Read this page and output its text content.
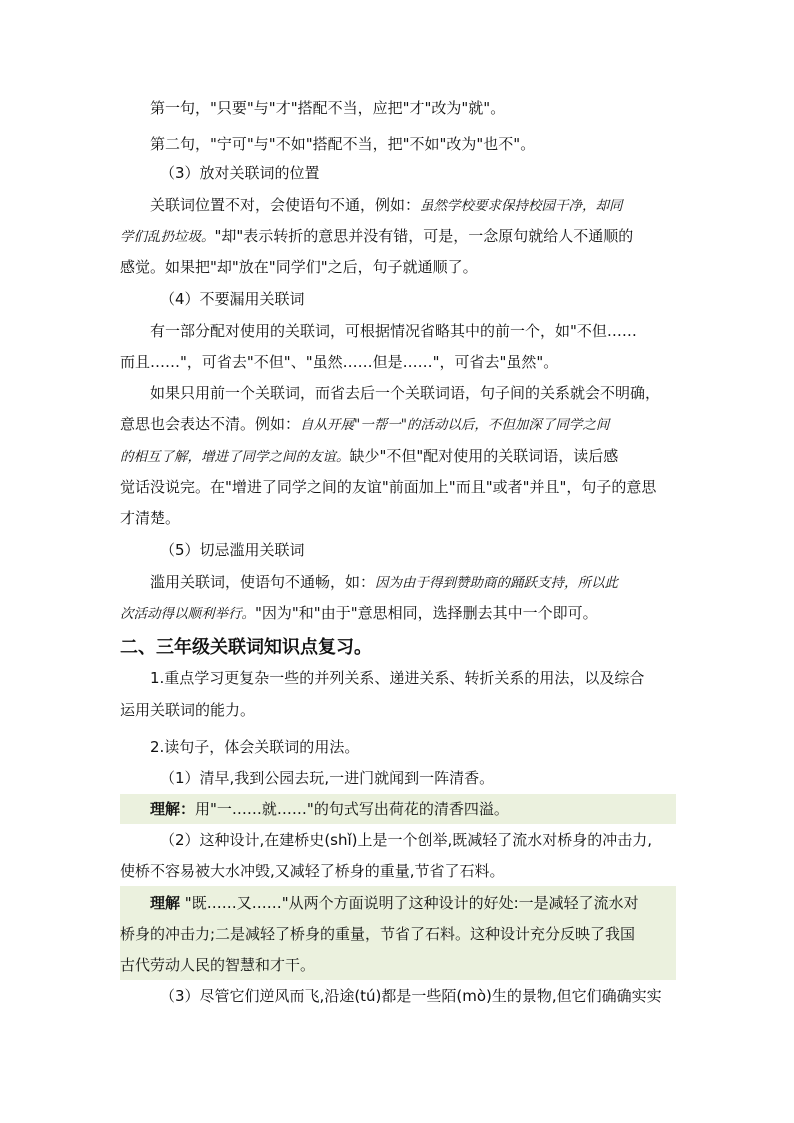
第一句，"只要"与"才"搭配不当，应把"才"改为"就"。
第二句，"宁可"与"不如"搭配不当，把"不如"改为"也不"。
（3）放对关联词的位置
关联词位置不对，会使语句不通，例如：虽然学校要求保持校园干净，却同
学们乱扔垃圾。"却"表示转折的意思并没有错，可是，一念原句就给人不通顺的
感觉。如果把"却"放在"同学们"之后，句子就通顺了。
（4）不要漏用关联词
有一部分配对使用的关联词，可根据情况省略其中的前一个，如"不但……
而且……"，可省去"不但"、"虽然……但是……"，可省去"虽然"。
如果只用前一个关联词，而省去后一个关联词语，句子间的关系就会不明确，
意思也会表达不清。例如：自从开展"一帮一"的活动以后，不但加深了同学之间
的相互了解，增进了同学之间的友谊。缺少"不但"配对使用的关联词语，读后感
觉话没说完。在"增进了同学之间的友谊"前面加上"而且"或者"并且"，句子的意思
才清楚。
（5）切忌滥用关联词
滥用关联词，使语句不通畅，如：因为由于得到赞助商的踊跃支持，所以此
次活动得以顺利举行。"因为"和"由于"意思相同，选择删去其中一个即可。
二、三年级关联词知识点复习。
1.重点学习更复杂一些的并列关系、递进关系、转折关系的用法，以及综合
运用关联词的能力。
2.读句子，体会关联词的用法。
（1）清早,我到公园去玩,一进门就闻到一阵清香。
理解：用"一……就……"的句式写出荷花的清香四溢。
（2）这种设计,在建桥史(shǐ)上是一个创举,既减轻了流水对桥身的冲击力,
使桥不容易被大水冲毁,又减轻了桥身的重量,节省了石料。
理解 "既……又……"从两个方面说明了这种设计的好处:一是减轻了流水对
桥身的冲击力;二是减轻了桥身的重量，节省了石料。这种设计充分反映了我国
古代劳动人民的智慧和才干。
（3）尽管它们逆风而飞,沿途(tú)都是一些陌(mò)生的景物,但它们确确实实
